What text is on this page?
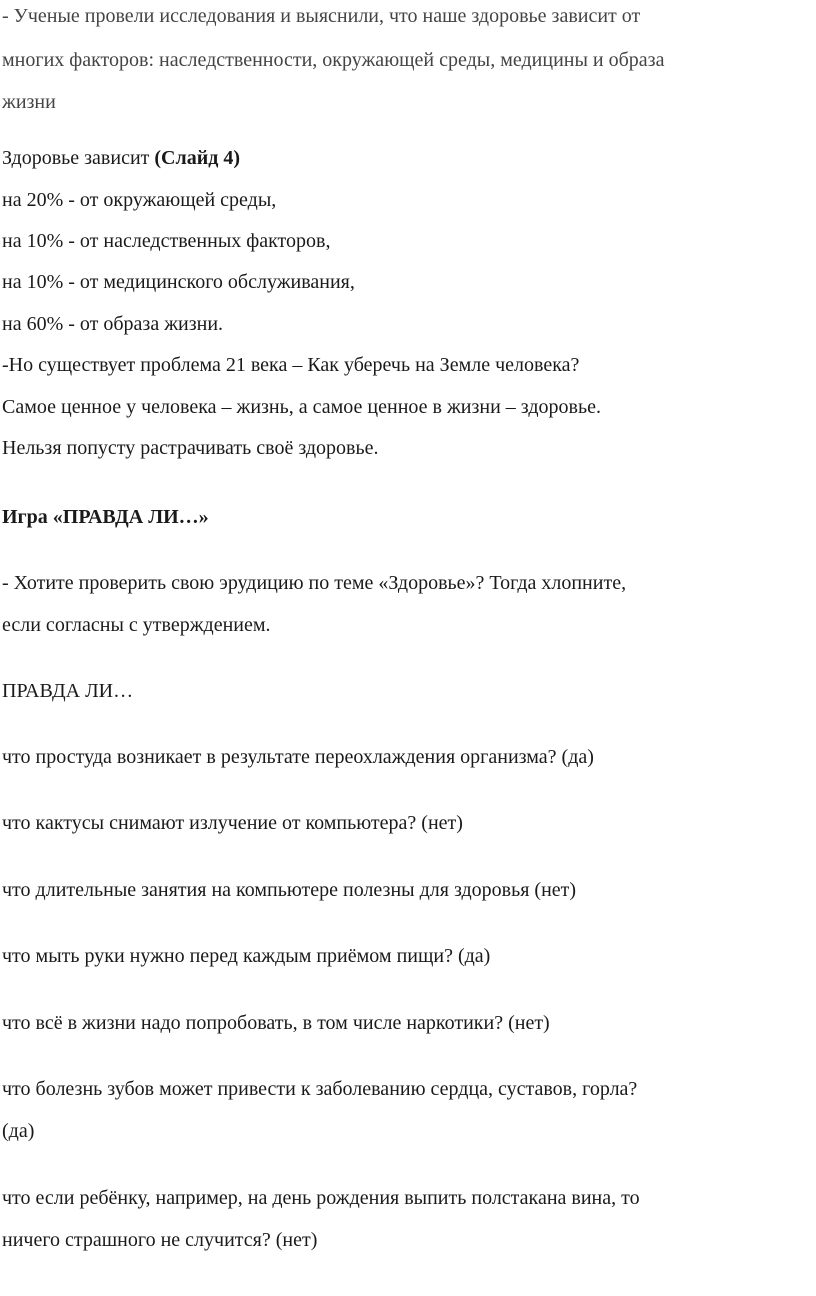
- Ученые провели исследования и выяснили, что наше здоровье зависит от
многих факторов: наследственности, окружающей среды, медицины и образа
жизни
Здоровье зависит (Слайд 4)
на 20% - от окружающей среды,
на 10% - от наследственных факторов,
на 10% - от медицинского обслуживания,
на 60% - от образа жизни.
-Но существует проблема 21 века – Как уберечь на Земле человека?
Самое ценное у человека – жизнь, а самое ценное в жизни – здоровье.
Нельзя попусту растрачивать своё здоровье.
Игра «ПРАВДА ЛИ…»
- Хотите проверить свою эрудицию по теме «Здоровье»? Тогда хлопните,
если согласны с утверждением.
ПРАВДА ЛИ…
что простуда возникает в результате переохлаждения организма? (да)
что кактусы снимают излучение от компьютера? (нет)
что длительные занятия на компьютере полезны для здоровья (нет)
что мыть руки нужно перед каждым приёмом пищи? (да)
что всё в жизни надо попробовать, в том числе наркотики? (нет)
что болезнь зубов может привести к заболеванию сердца, суставов, горла?
(да)
что если ребёнку, например, на день рождения выпить полстакана вина, то
ничего страшного не случится? (нет)
